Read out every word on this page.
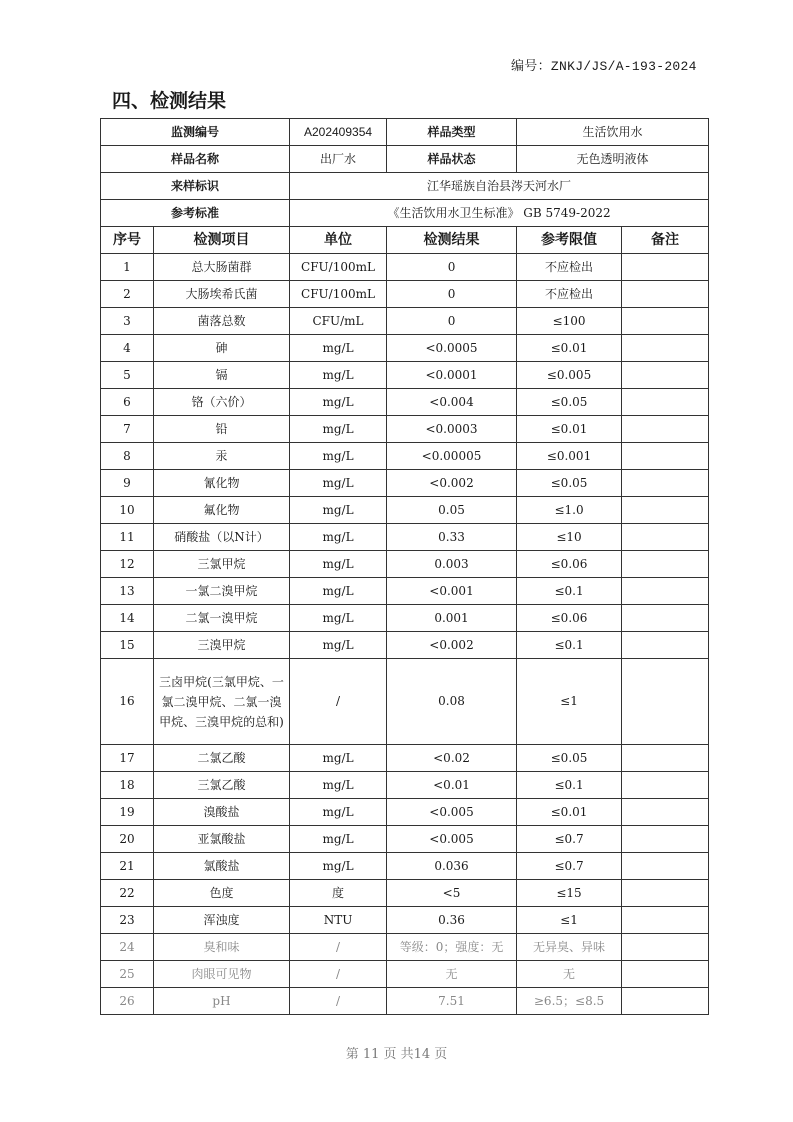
编号：ZNKJ/JS/A-193-2024
四、检测结果
监测编号		A202409354	样品类型	生活饮用水	
样品名称		出厂水	样品状态	无色透明液体	
来样标识		江华瑶族自治县涔天河水厂			
参考标准		《生活饮用水卫生标准》 GB 5749-2022			
序号	检测项目	单位	检测结果	参考限值	备注
1	总大肠菌群	CFU/100mL	0	不应检出	
2	大肠埃希氏菌	CFU/100mL	0	不应检出	
3	菌落总数	CFU/mL	0	≤100	
4	砷	mg/L	<0.0005	≤0.01	
5	镉	mg/L	<0.0001	≤0.005	
6	铬（六价）	mg/L	<0.004	≤0.05	
7	铅	mg/L	<0.0003	≤0.01	
8	汞	mg/L	<0.00005	≤0.001	
9	氰化物	mg/L	<0.002	≤0.05	
10	氟化物	mg/L	0.05	≤1.0	
11	硝酸盐（以N计）	mg/L	0.33	≤10	
12	三氯甲烷	mg/L	0.003	≤0.06	
13	一氯二溴甲烷	mg/L	<0.001	≤0.1	
14	二氯一溴甲烷	mg/L	0.001	≤0.06	
15	三溴甲烷	mg/L	<0.002	≤0.1	
16	三卤甲烷(三氯甲烷、一氯二溴甲烷、二氯一溴甲烷、三溴甲烷的总和)	/	0.08	≤1	
17	二氯乙酸	mg/L	<0.02	≤0.05	
18	三氯乙酸	mg/L	<0.01	≤0.1	
19	溴酸盐	mg/L	<0.005	≤0.01	
20	亚氯酸盐	mg/L	<0.005	≤0.7	
21	氯酸盐	mg/L	0.036	≤0.7	
22	色度	度	<5	≤15	
23	浑浊度	NTU	0.36	≤1	
24	臭和味	/	等级：0；强度：无	无异臭、异味	
25	肉眼可见物	/	无	无	
26	pH	/	7.51	≥6.5；≤8.5	
第 11 页 共14 页
